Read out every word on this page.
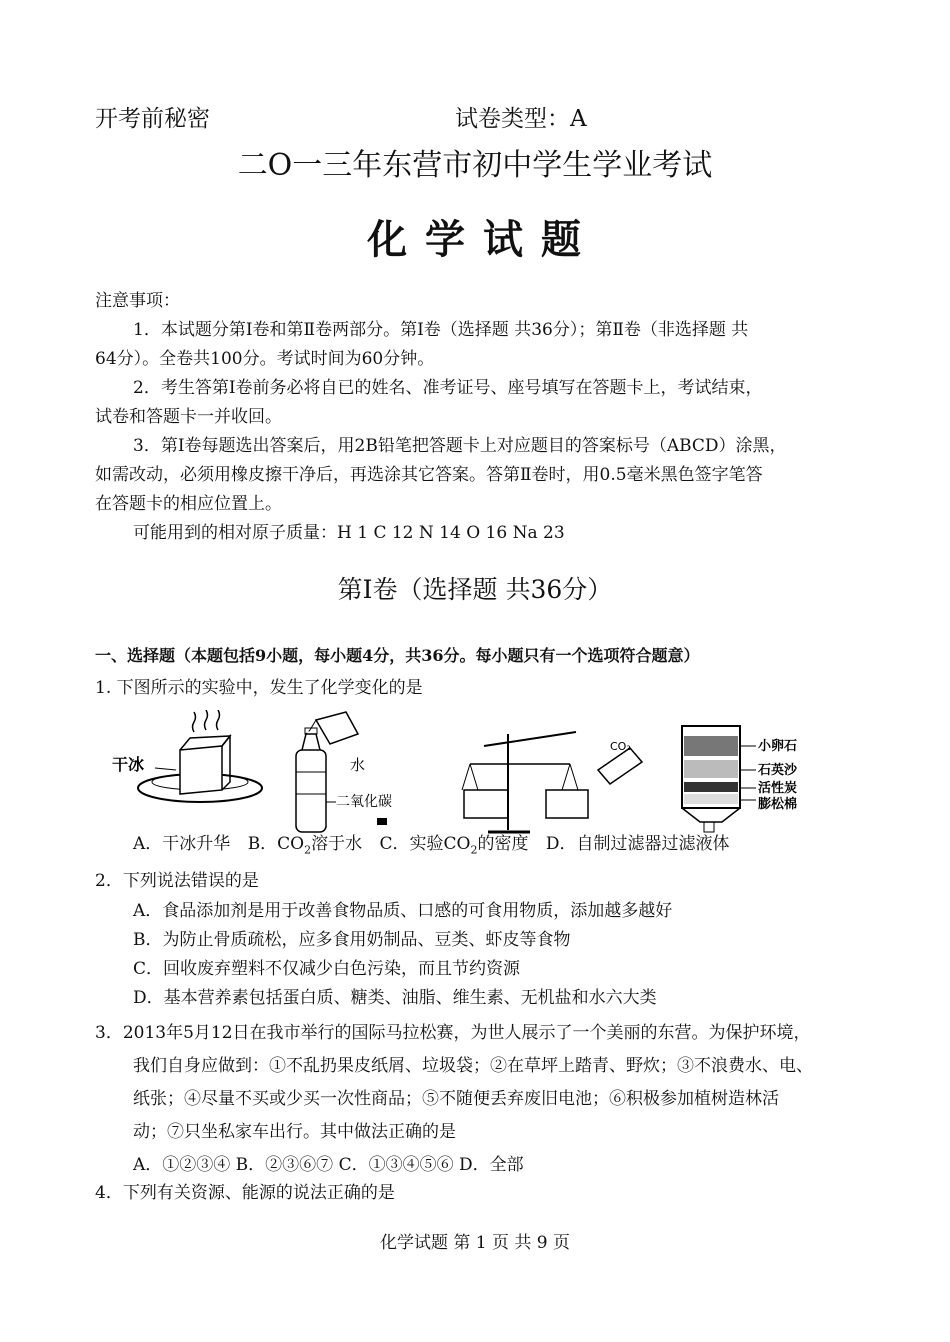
开考前秘密	试卷类型：A
二O一三年东营市初中学生学业考试
化 学 试 题
注意事项：
1．本试题分第Ⅰ卷和第Ⅱ卷两部分。第Ⅰ卷（选择题 共36分）；第Ⅱ卷（非选择题 共
64分）。全卷共100分。考试时间为60分钟。
2．考生答第Ⅰ卷前务必将自已的姓名、准考证号、座号填写在答题卡上，考试结束，
试卷和答题卡一并收回。
3．第Ⅰ卷每题选出答案后，用2B铅笔把答题卡上对应题目的答案标号（ABCD）涂黑，
如需改动，必须用橡皮擦干净后，再选涂其它答案。答第Ⅱ卷时，用0.5毫米黑色签字笔答
在答题卡的相应位置上。
可能用到的相对原子质量：H 1 C 12 N 14 O 16 Na 23
第Ⅰ卷（选择题 共36分）
一、选择题（本题包括9小题，每小题4分，共36分。每小题只有一个选项符合题意）
1. 下图所示的实验中，发生了化学变化的是
干冰	水
二氧化碳
CO₂	小卵石
石英沙
活性炭
膨松棉
A．干冰升华 B．$CO_2$溶于水 C．实验$CO_2$的密度 D．自制过滤器过滤液体
2．下列说法错误的是
A．食品添加剂是用于改善食物品质、口感的可食用物质，添加越多越好
B．为防止骨质疏松，应多食用奶制品、豆类、虾皮等食物
C．回收废弃塑料不仅减少白色污染，而且节约资源
D．基本营养素包括蛋白质、糖类、油脂、维生素、无机盐和水六大类
3．2013年5月12日在我市举行的国际马拉松赛，为世人展示了一个美丽的东营。为保护环境，
我们自身应做到：①不乱扔果皮纸屑、垃圾袋；②在草坪上踏青、野炊；③不浪费水、电、
纸张；④尽量不买或少买一次性商品；⑤不随便丢弃废旧电池；⑥积极参加植树造林活
动；⑦只坐私家车出行。其中做法正确的是
A．①②③④ B．②③⑥⑦ C．①③④⑤⑥ D．全部
4．下列有关资源、能源的说法正确的是
化学试题 第 1 页 共 9 页
